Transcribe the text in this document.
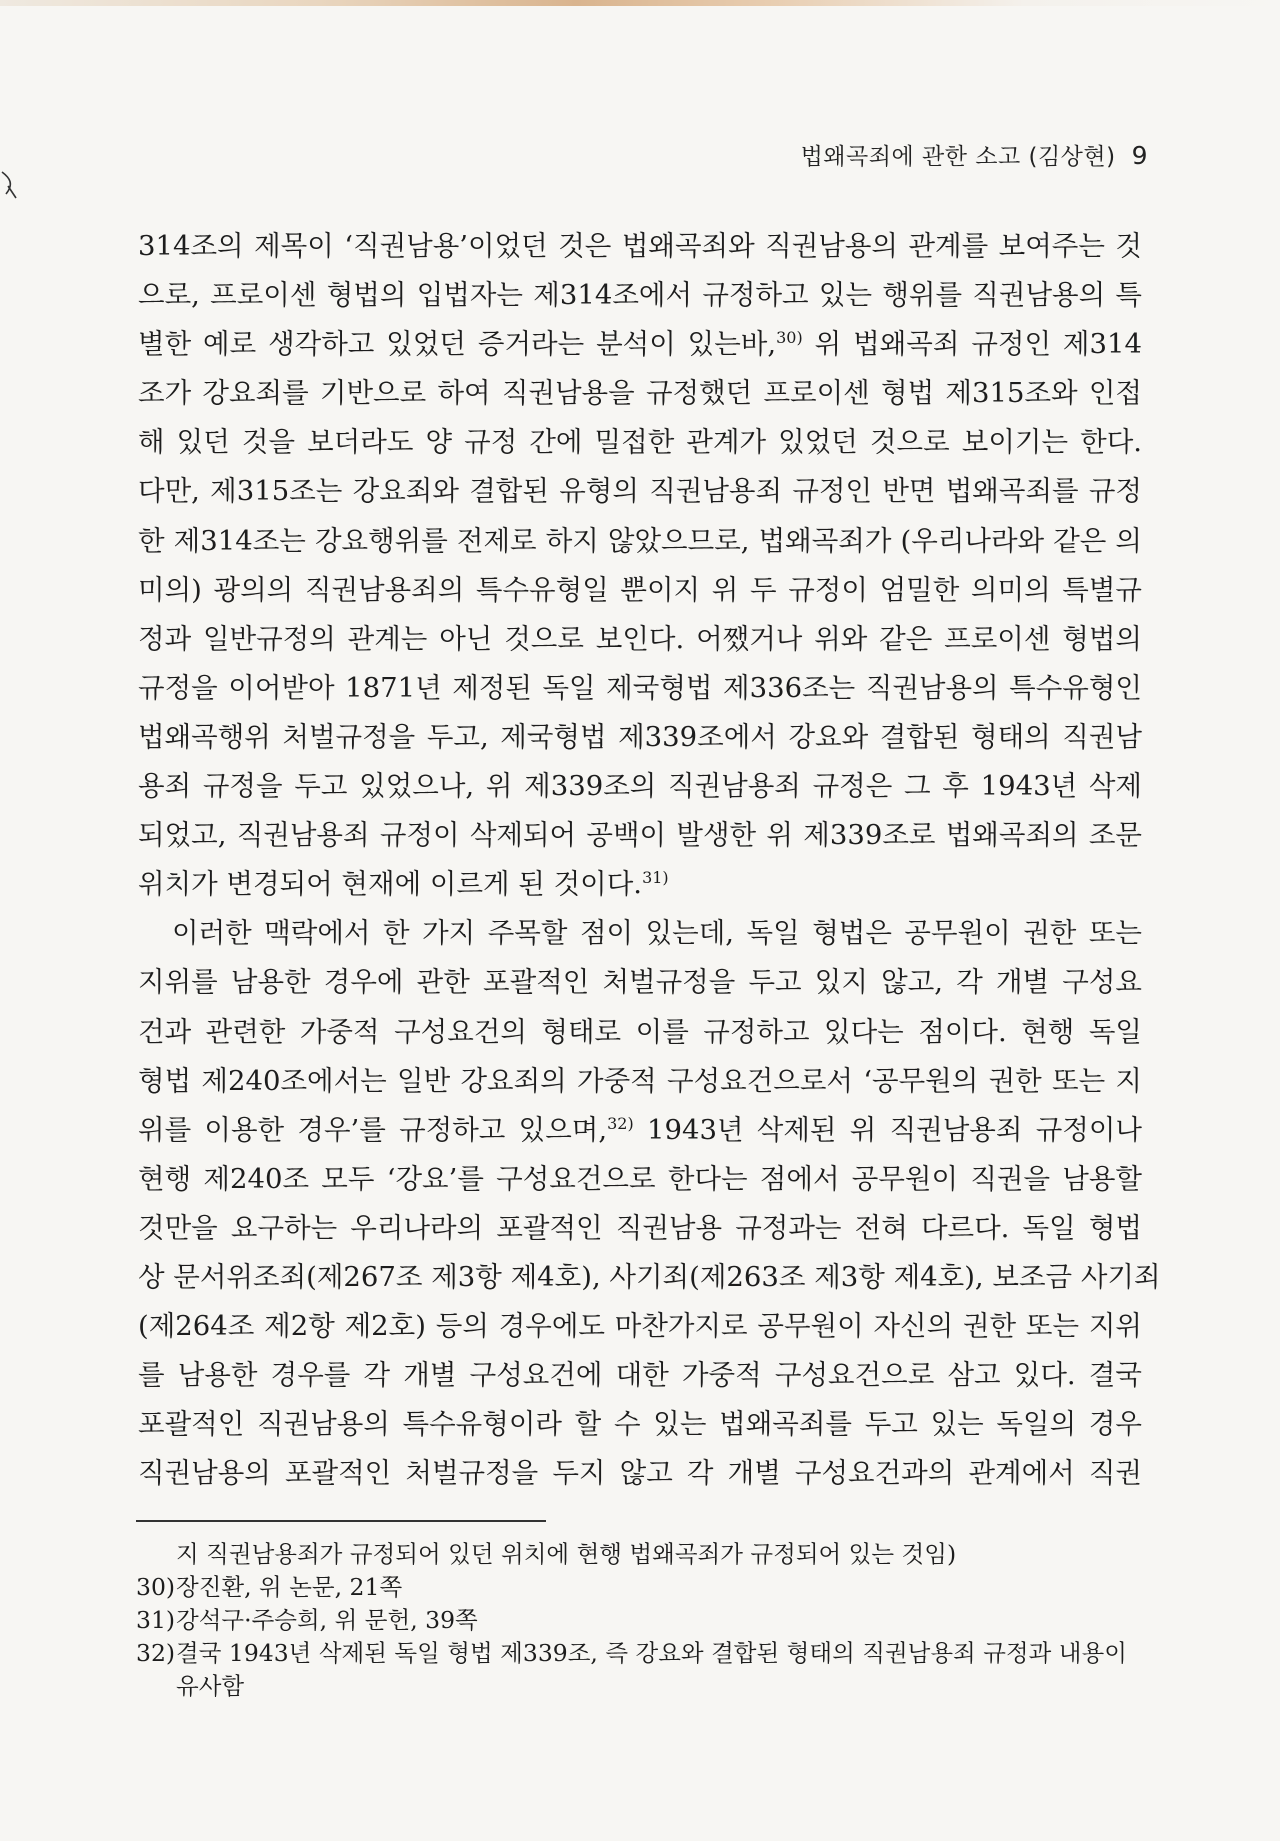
법왜곡죄에 관한 소고 (김상현) 9
314조의 제목이 ‘직권남용’이었던 것은 법왜곡죄와 직권남용의 관계를 보여주는 것
으로, 프로이센 형법의 입법자는 제314조에서 규정하고 있는 행위를 직권남용의 특
별한 예로 생각하고 있었던 증거라는 분석이 있는바,$^{30)}$ 위 법왜곡죄 규정인 제314
조가 강요죄를 기반으로 하여 직권남용을 규정했던 프로이센 형법 제315조와 인접
해 있던 것을 보더라도 양 규정 간에 밀접한 관계가 있었던 것으로 보이기는 한다.
다만, 제315조는 강요죄와 결합된 유형의 직권남용죄 규정인 반면 법왜곡죄를 규정
한 제314조는 강요행위를 전제로 하지 않았으므로, 법왜곡죄가 (우리나라와 같은 의
미의) 광의의 직권남용죄의 특수유형일 뿐이지 위 두 규정이 엄밀한 의미의 특별규
정과 일반규정의 관계는 아닌 것으로 보인다. 어쨌거나 위와 같은 프로이센 형법의
규정을 이어받아 1871년 제정된 독일 제국형법 제336조는 직권남용의 특수유형인
법왜곡행위 처벌규정을 두고, 제국형법 제339조에서 강요와 결합된 형태의 직권남
용죄 규정을 두고 있었으나, 위 제339조의 직권남용죄 규정은 그 후 1943년 삭제
되었고, 직권남용죄 규정이 삭제되어 공백이 발생한 위 제339조로 법왜곡죄의 조문
위치가 변경되어 현재에 이르게 된 것이다.$^{31)}$
이러한 맥락에서 한 가지 주목할 점이 있는데, 독일 형법은 공무원이 권한 또는
지위를 남용한 경우에 관한 포괄적인 처벌규정을 두고 있지 않고, 각 개별 구성요
건과 관련한 가중적 구성요건의 형태로 이를 규정하고 있다는 점이다. 현행 독일
형법 제240조에서는 일반 강요죄의 가중적 구성요건으로서 ‘공무원의 권한 또는 지
위를 이용한 경우’를 규정하고 있으며,$^{32)}$ 1943년 삭제된 위 직권남용죄 규정이나
현행 제240조 모두 ‘강요’를 구성요건으로 한다는 점에서 공무원이 직권을 남용할
것만을 요구하는 우리나라의 포괄적인 직권남용 규정과는 전혀 다르다. 독일 형법
상 문서위조죄(제267조 제3항 제4호), 사기죄(제263조 제3항 제4호), 보조금 사기죄
(제264조 제2항 제2호) 등의 경우에도 마찬가지로 공무원이 자신의 권한 또는 지위
를 남용한 경우를 각 개별 구성요건에 대한 가중적 구성요건으로 삼고 있다. 결국
포괄적인 직권남용의 특수유형이라 할 수 있는 법왜곡죄를 두고 있는 독일의 경우
직권남용의 포괄적인 처벌규정을 두지 않고 각 개별 구성요건과의 관계에서 직권
지 직권남용죄가 규정되어 있던 위치에 현행 법왜곡죄가 규정되어 있는 것임)
30)장진환, 위 논문, 21쪽
31)강석구·주승희, 위 문헌, 39쪽
32)결국 1943년 삭제된 독일 형법 제339조, 즉 강요와 결합된 형태의 직권남용죄 규정과 내용이
유사함
